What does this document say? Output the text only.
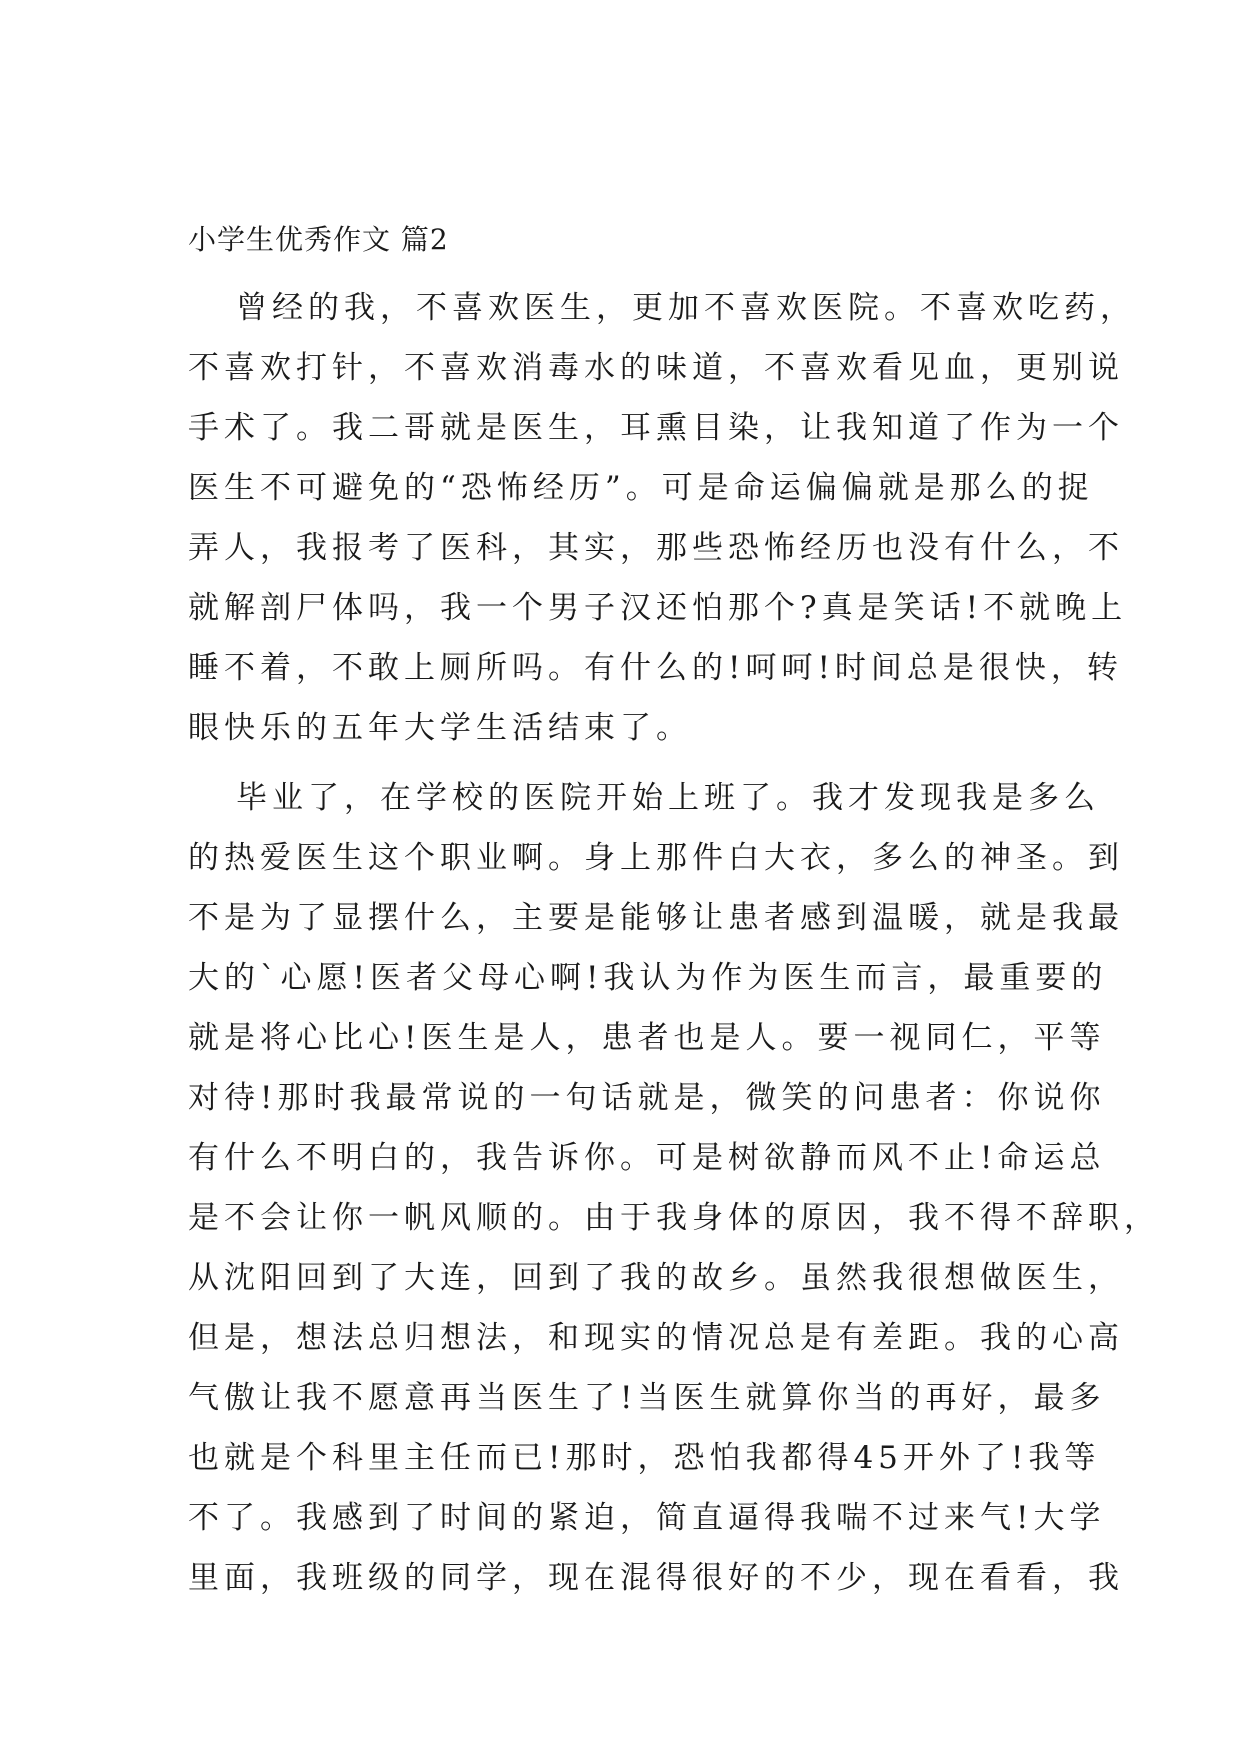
小学生优秀作文 篇2
曾经的我，不喜欢医生，更加不喜欢医院。不喜欢吃药，
不喜欢打针，不喜欢消毒水的味道，不喜欢看见血，更别说
手术了。我二哥就是医生，耳熏目染，让我知道了作为一个
医生不可避免的“恐怖经历”。可是命运偏偏就是那么的捉
弄人，我报考了医科，其实，那些恐怖经历也没有什么，不
就解剖尸体吗，我一个男子汉还怕那个?真是笑话!不就晚上
睡不着，不敢上厕所吗。有什么的!呵呵!时间总是很快，转
眼快乐的五年大学生活结束了。
毕业了，在学校的医院开始上班了。我才发现我是多么
的热爱医生这个职业啊。身上那件白大衣，多么的神圣。到
不是为了显摆什么，主要是能够让患者感到温暖，就是我最
大的`心愿!医者父母心啊!我认为作为医生而言，最重要的
就是将心比心!医生是人，患者也是人。要一视同仁，平等
对待!那时我最常说的一句话就是，微笑的问患者：你说你
有什么不明白的，我告诉你。可是树欲静而风不止!命运总
是不会让你一帆风顺的。由于我身体的原因，我不得不辞职，
从沈阳回到了大连，回到了我的故乡。虽然我很想做医生，
但是，想法总归想法，和现实的情况总是有差距。我的心高
气傲让我不愿意再当医生了!当医生就算你当的再好，最多
也就是个科里主任而已!那时，恐怕我都得45开外了!我等
不了。我感到了时间的紧迫，简直逼得我喘不过来气!大学
里面，我班级的同学，现在混得很好的不少，现在看看，我
